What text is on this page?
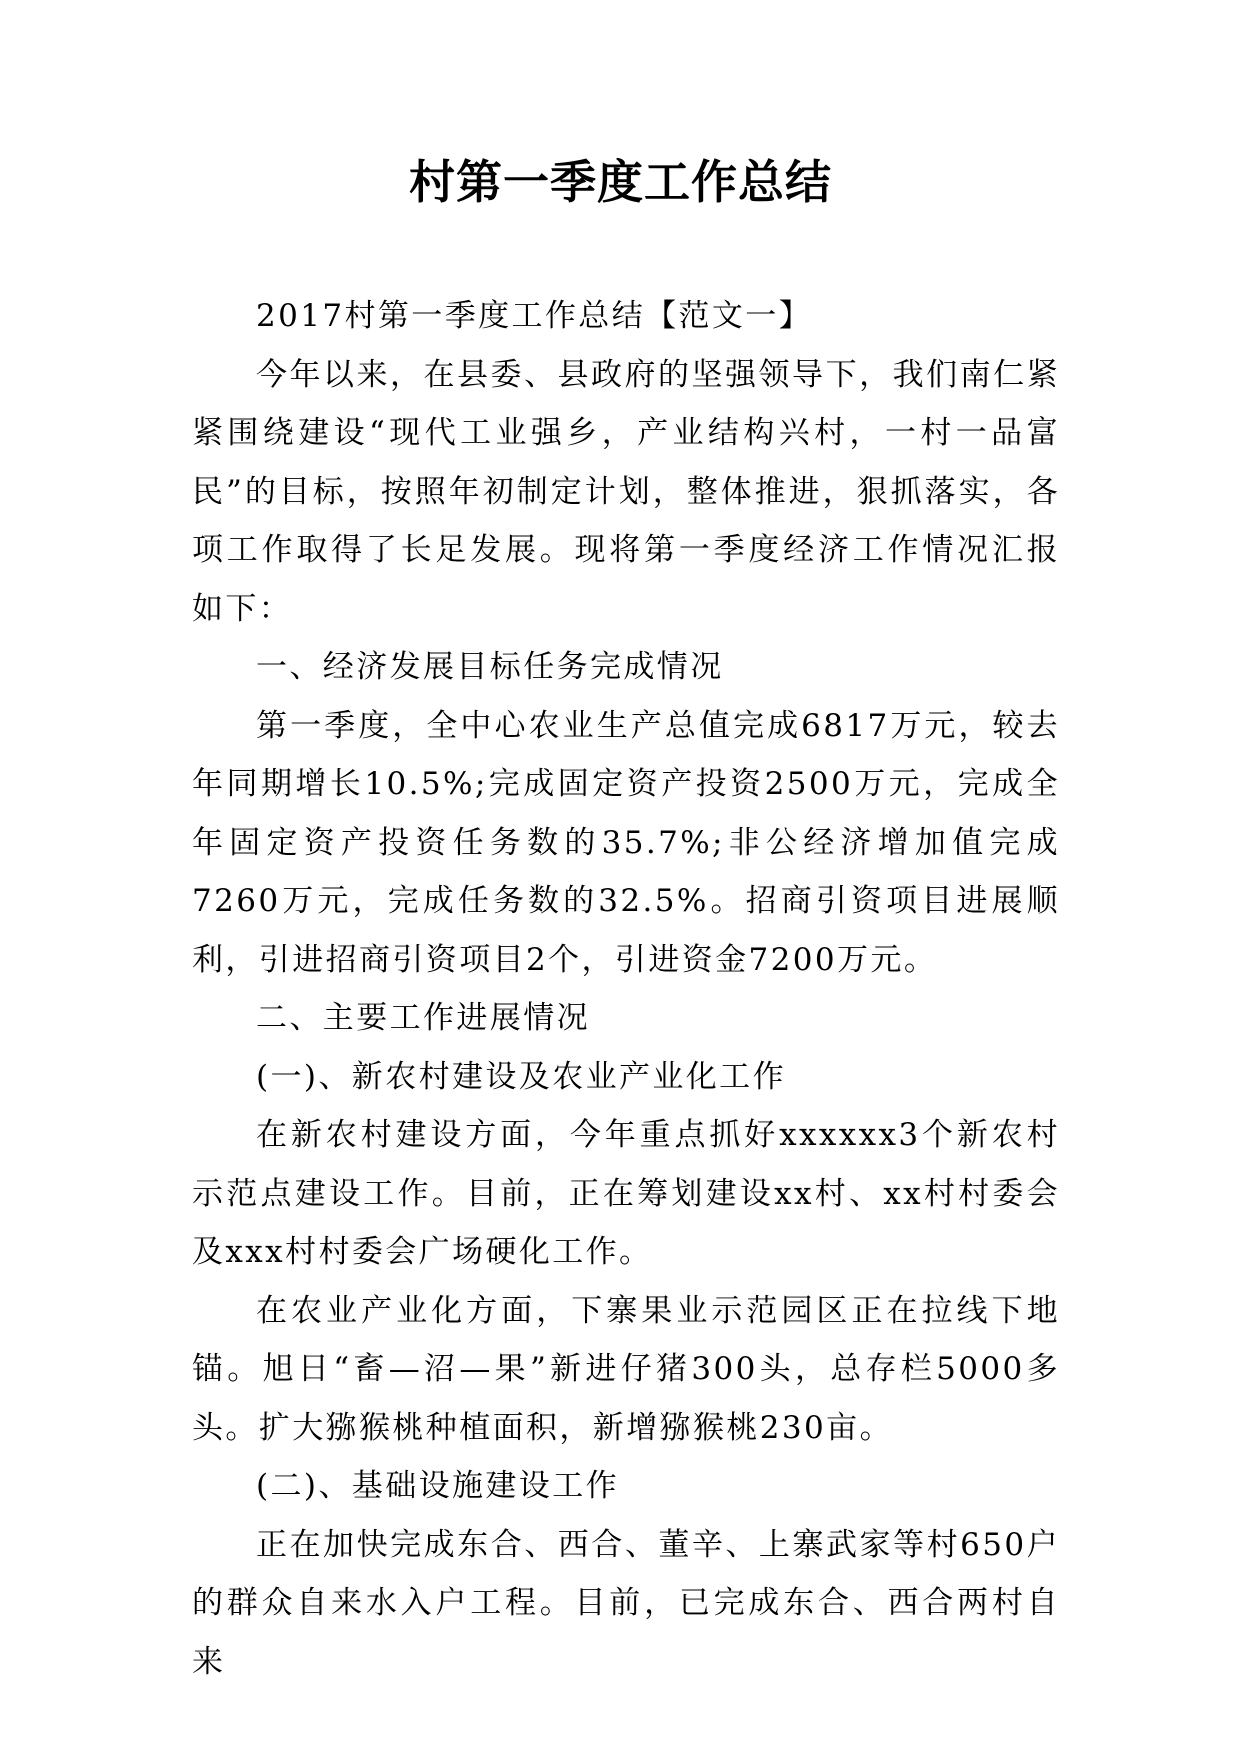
村第一季度工作总结

2017村第一季度工作总结【范文一】

今年以来，在县委、县政府的坚强领导下，我们南仁紧紧围绕建设“现代工业强乡，产业结构兴村，一村一品富民”的目标，按照年初制定计划，整体推进，狠抓落实，各项工作取得了长足发展。现将第一季度经济工作情况汇报如下：

一、经济发展目标任务完成情况

第一季度，全中心农业生产总值完成6817万元，较去年同期增长10.5%;完成固定资产投资2500万元，完成全年固定资产投资任务数的35.7%;非公经济增加值完成7260万元，完成任务数的32.5%。招商引资项目进展顺利，引进招商引资项目2个，引进资金7200万元。

二、主要工作进展情况

(一)、新农村建设及农业产业化工作

在新农村建设方面，今年重点抓好xxxxxx3个新农村示范点建设工作。目前，正在筹划建设xx村、xx村村委会及xxx村村委会广场硬化工作。

在农业产业化方面，下寨果业示范园区正在拉线下地锚。旭日“畜—沼—果”新进仔猪300头，总存栏5000多头。扩大猕猴桃种植面积，新增猕猴桃230亩。

(二)、基础设施建设工作

正在加快完成东合、西合、董辛、上寨武家等村650户的群众自来水入户工程。目前，已完成东合、西合两村自来
